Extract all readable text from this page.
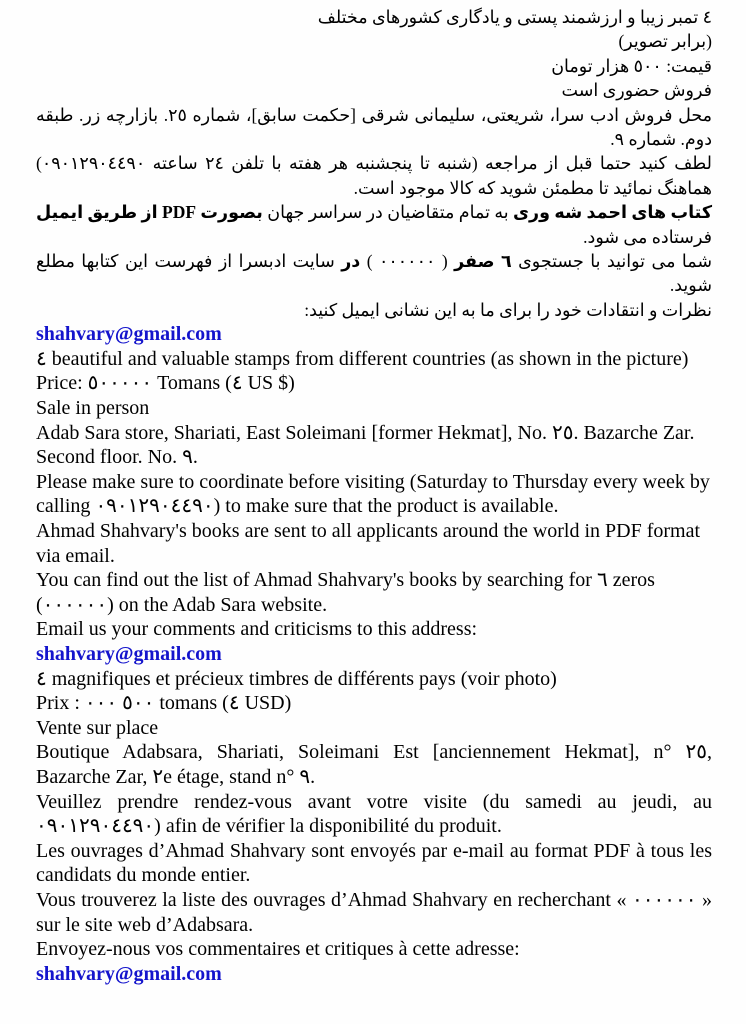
٤ تمبر زیبا و ارزشمند پستی و یادگاری کشورهای مختلف

(برابر تصویر)

قیمت: ٥٠٠ هزار تومان

فروش حضوری است

محل فروش ادب سرا، شریعتی، سلیمانی شرقی [حکمت سابق]، شماره ٢٥. بازارچه زر. طبقه دوم. شماره ٩.

لطف کنید حتما قبل از مراجعه (شنبه تا پنجشنبه هر هفته با تلفن ٢٤ ساعته ٠٩٠١٢٩٠٤٤٩٠) هماهنگ نمائید تا مطمئن شوید که کالا موجود است.

کتاب های احمد شه وری به تمام متقاضیان در سراسر جهان بصورت PDF از طریق ایمیل فرستاده می شود.

شما می توانید با جستجوی ٦ صفر ( ٠٠٠٠٠٠ ) در سایت ادبسرا از فهرست این کتابها مطلع شوید.

نظرات و انتقادات خود را برای ما به این نشانی ایمیل کنید:

shahvary@gmail.com

٤ beautiful and valuable stamps from different countries (as shown in the picture)

Price: ٥٠٠٠٠٠ Tomans (٤ US $)

Sale in person

Adab Sara store, Shariati, East Soleimani [former Hekmat], No. ٢٥. Bazarche Zar. Second floor. No. ٩.

Please make sure to coordinate before visiting (Saturday to Thursday every week by calling ٠٩٠١٢٩٠٤٤٩٠) to make sure that the product is available.

Ahmad Shahvary's books are sent to all applicants around the world in PDF format via email.

You can find out the list of Ahmad Shahvary's books by searching for ٦ zeros (٠٠٠٠٠٠) on the Adab Sara website.

Email us your comments and criticisms to this address:

shahvary@gmail.com

٤ magnifiques et précieux timbres de différents pays (voir photo)

Prix : ٥٠٠ ٠٠٠ tomans (٤ USD)

Vente sur place

Boutique Adabsara, Shariati, Soleimani Est [anciennement Hekmat], n° ٢٥, Bazarche Zar, ٢e étage, stand n° ٩.

Veuillez prendre rendez-vous avant votre visite (du samedi au jeudi, au ٠٩٠١٢٩٠٤٤٩٠) afin de vérifier la disponibilité du produit.

Les ouvrages d’Ahmad Shahvary sont envoyés par e-mail au format PDF à tous les candidats du monde entier.

Vous trouverez la liste des ouvrages d’Ahmad Shahvary en recherchant « ٠٠٠٠٠٠ » sur le site web d’Adabsara.

Envoyez-nous vos commentaires et critiques à cette adresse:

shahvary@gmail.com
